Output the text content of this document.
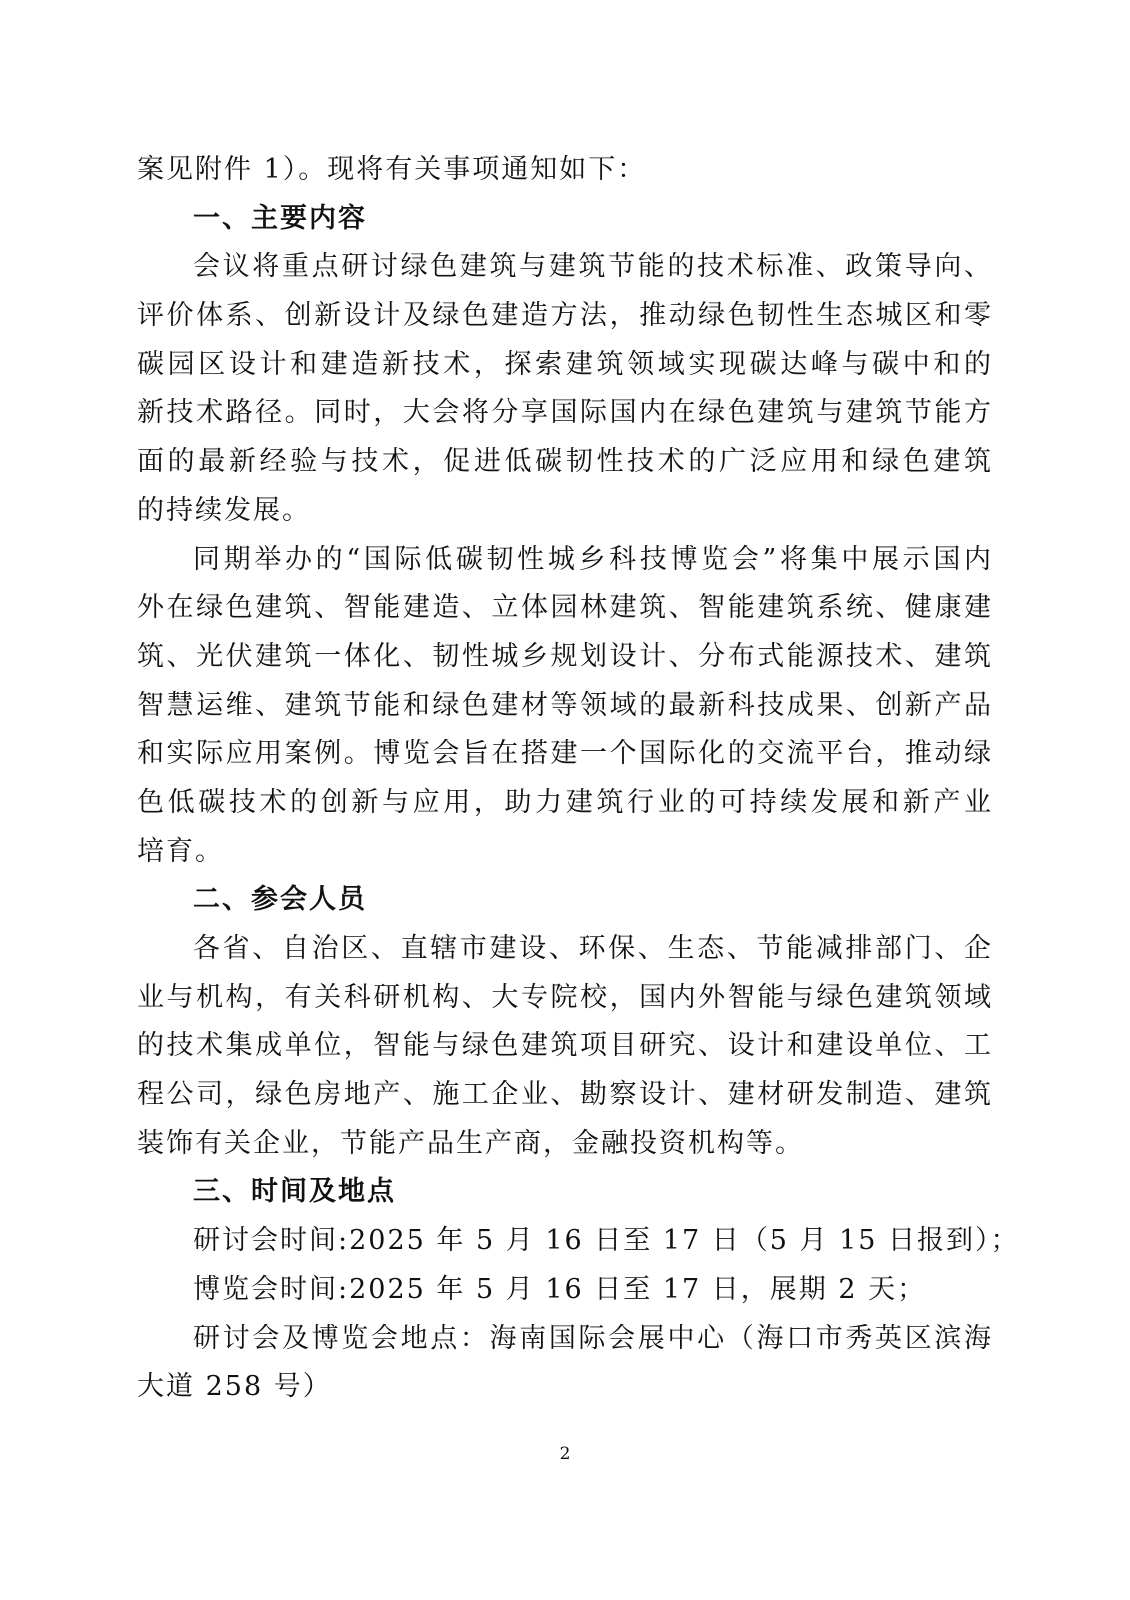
案见附件 1）。现将有关事项通知如下：
一、主要内容
会议将重点研讨绿色建筑与建筑节能的技术标准、政策导向、
评价体系、创新设计及绿色建造方法，推动绿色韧性生态城区和零
碳园区设计和建造新技术，探索建筑领域实现碳达峰与碳中和的
新技术路径。同时，大会将分享国际国内在绿色建筑与建筑节能方
面的最新经验与技术，促进低碳韧性技术的广泛应用和绿色建筑
的持续发展。
同期举办的“国际低碳韧性城乡科技博览会”将集中展示国内
外在绿色建筑、智能建造、立体园林建筑、智能建筑系统、健康建
筑、光伏建筑一体化、韧性城乡规划设计、分布式能源技术、建筑
智慧运维、建筑节能和绿色建材等领域的最新科技成果、创新产品
和实际应用案例。博览会旨在搭建一个国际化的交流平台，推动绿
色低碳技术的创新与应用，助力建筑行业的可持续发展和新产业
培育。
二、参会人员
各省、自治区、直辖市建设、环保、生态、节能减排部门、企
业与机构，有关科研机构、大专院校，国内外智能与绿色建筑领域
的技术集成单位，智能与绿色建筑项目研究、设计和建设单位、工
程公司，绿色房地产、施工企业、勘察设计、建材研发制造、建筑
装饰有关企业，节能产品生产商，金融投资机构等。
三、时间及地点
研讨会时间:2025 年 5 月 16 日至 17 日（5 月 15 日报到）；
博览会时间:2025 年 5 月 16 日至 17 日，展期 2 天；
研讨会及博览会地点：海南国际会展中心（海口市秀英区滨海
大道 258 号）
2
